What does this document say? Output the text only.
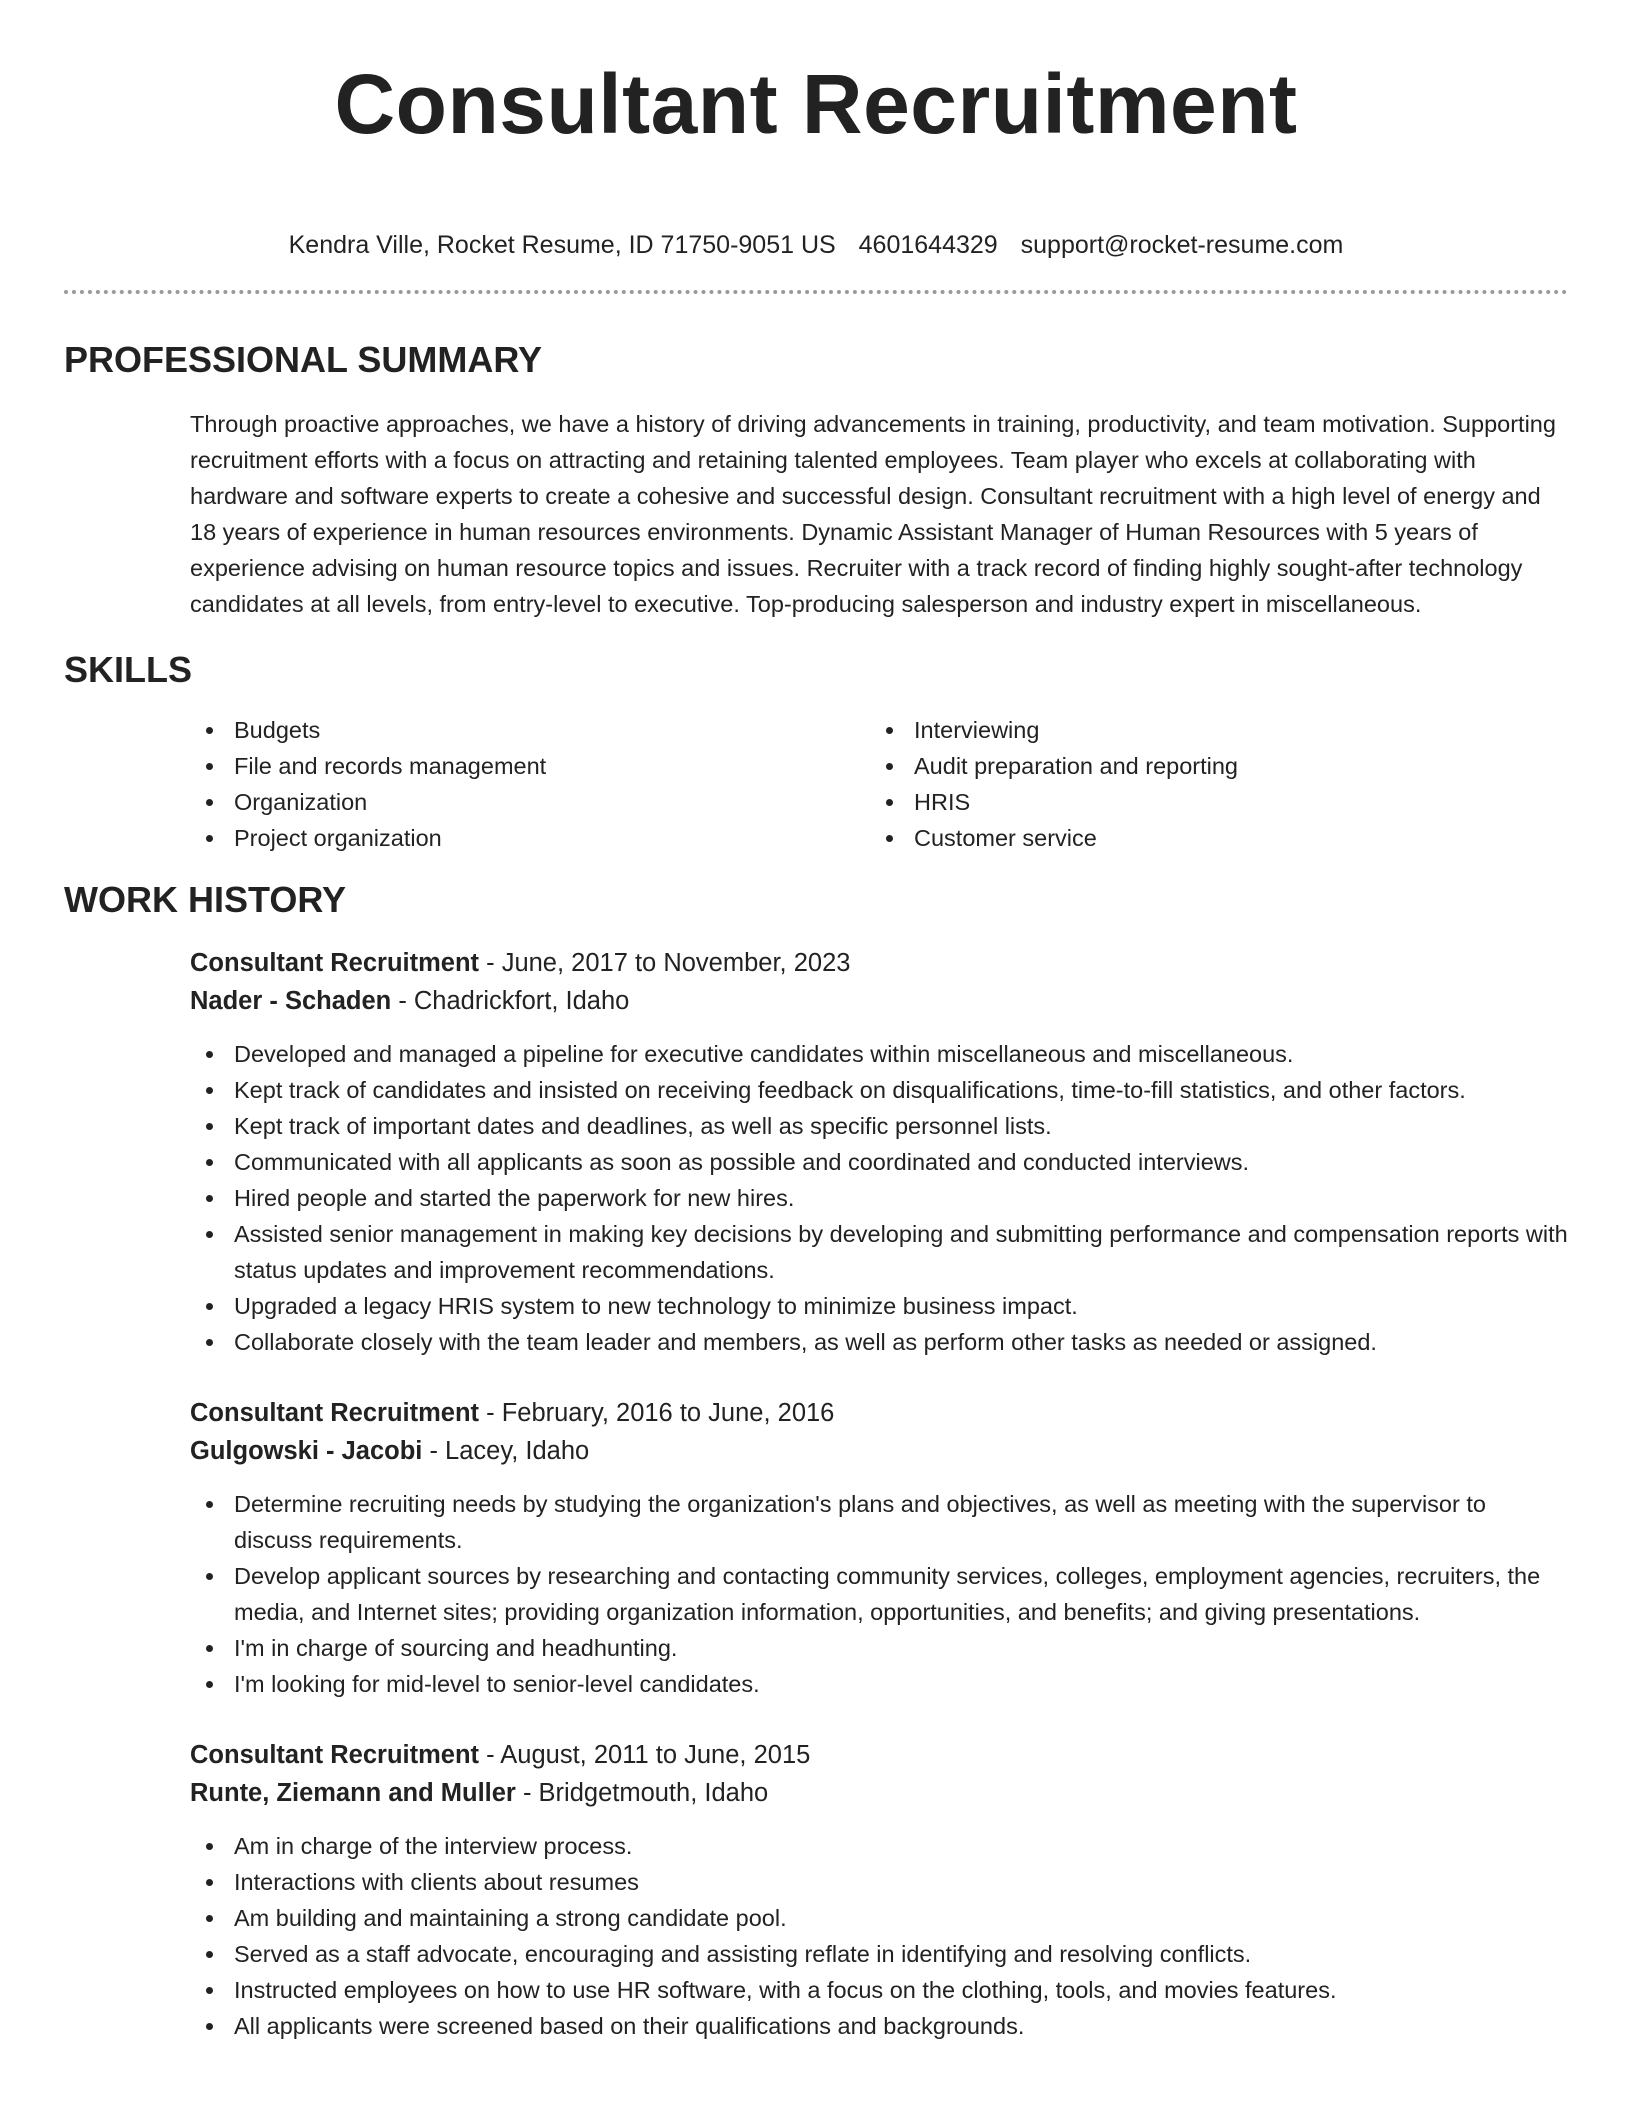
Consultant Recruitment
Kendra Ville, Rocket Resume, ID 71750-9051 US 4601644329 support@rocket-resume.com
PROFESSIONAL SUMMARY

Through proactive approaches, we have a history of driving advancements in training, productivity, and team motivation. Supporting recruitment efforts with a focus on attracting and retaining talented employees. Team player who excels at collaborating with hardware and software experts to create a cohesive and successful design. Consultant recruitment with a high level of energy and 18 years of experience in human resources environments. Dynamic Assistant Manager of Human Resources with 5 years of experience advising on human resource topics and issues. Recruiter with a track record of finding highly sought-after technology candidates at all levels, from entry-level to executive. Top-producing salesperson and industry expert in miscellaneous.

SKILLS
Budgets
File and records management
Organization
Project organization
Interviewing
Audit preparation and reporting
HRIS
Customer service
WORK HISTORY
Consultant Recruitment - June, 2017 to November, 2023
Nader - Schaden - Chadrickfort, Idaho
Developed and managed a pipeline for executive candidates within miscellaneous and miscellaneous.
Kept track of candidates and insisted on receiving feedback on disqualifications, time-to-fill statistics, and other factors.
Kept track of important dates and deadlines, as well as specific personnel lists.
Communicated with all applicants as soon as possible and coordinated and conducted interviews.
Hired people and started the paperwork for new hires.
Assisted senior management in making key decisions by developing and submitting performance and compensation reports with status updates and improvement recommendations.
Upgraded a legacy HRIS system to new technology to minimize business impact.
Collaborate closely with the team leader and members, as well as perform other tasks as needed or assigned.
Consultant Recruitment - February, 2016 to June, 2016
Gulgowski - Jacobi - Lacey, Idaho
Determine recruiting needs by studying the organization's plans and objectives, as well as meeting with the supervisor to discuss requirements.
Develop applicant sources by researching and contacting community services, colleges, employment agencies, recruiters, the media, and Internet sites; providing organization information, opportunities, and benefits; and giving presentations.
I'm in charge of sourcing and headhunting.
I'm looking for mid-level to senior-level candidates.
Consultant Recruitment - August, 2011 to June, 2015
Runte, Ziemann and Muller - Bridgetmouth, Idaho
Am in charge of the interview process.
Interactions with clients about resumes
Am building and maintaining a strong candidate pool.
Served as a staff advocate, encouraging and assisting reflate in identifying and resolving conflicts.
Instructed employees on how to use HR software, with a focus on the clothing, tools, and movies features.
All applicants were screened based on their qualifications and backgrounds.
